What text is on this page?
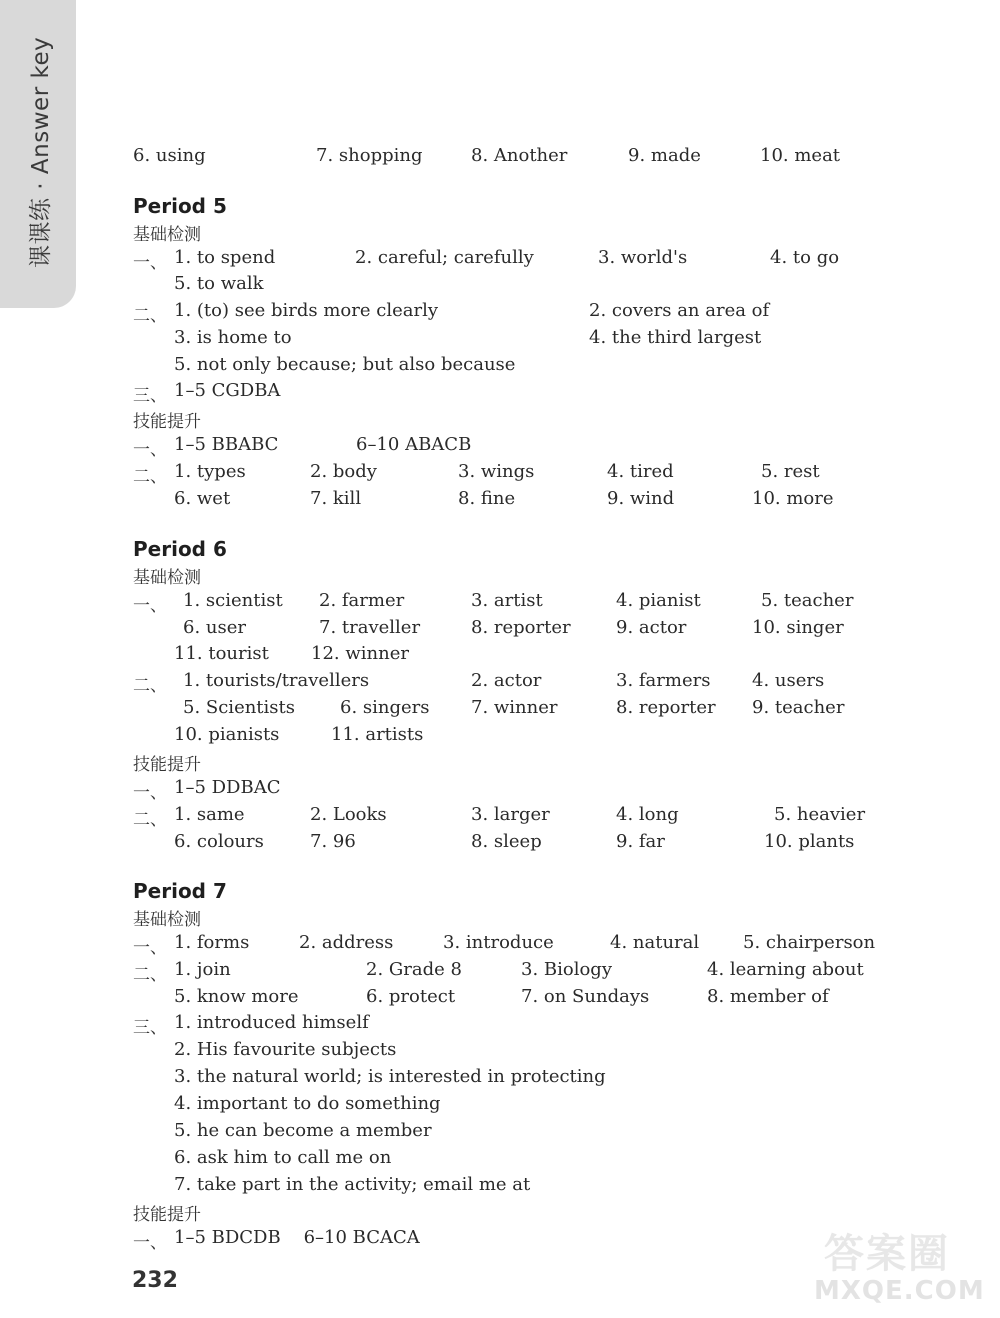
课课练 · Answer key	6. using	7. shopping	8. Another	9. made	10. meat
Period 5
基础检测
一、 1. to spend	2. careful; carefully	3. world's	4. to go
5. to walk
二、 1. (to) see birds more clearly	2. covers an area of
3. is home to	4. the third largest
5. not only because; but also because
三、 1–5 CGDBA
技能提升
一、 1–5 BBABC	6–10 ABACB
二、 1. types	2. body	3. wings	4. tired	5. rest
6. wet	7. kill	8. fine	9. wind	10. more
Period 6
基础检测
一、 1. scientist 2. farmer	3. artist	4. pianist	5. teacher
6. user	7. traveller	8. reporter	9. actor	10. singer
11. tourist 12. winner
二、 1. tourists/travellers	2. actor	3. farmers 4. users
5. Scientists 6. singers 7. winner	8. reporter 9. teacher
10. pianists	11. artists
技能提升
一、 1–5 DDBAC
二、 1. same	2. Looks	3. larger	4. long	5. heavier
6. colours	7. 96	8. sleep	9. far	10. plants
Period 7
基础检测
一、 1. forms	2. address	3. introduce	4. natural 5. chairperson
二、 1. join	2. Grade 8	3. Biology	4. learning about
5. know more	6. protect	7. on Sundays	8. member of
三、 1. introduced himself
2. His favourite subjects
3. the natural world; is interested in protecting
4. important to do something
5. he can become a member
6. ask him to call me on
7. take part in the activity; email me at
技能提升
一、 1–5 BDCDB    6–10 BCACA
232
答案圈
MXQE.COM
